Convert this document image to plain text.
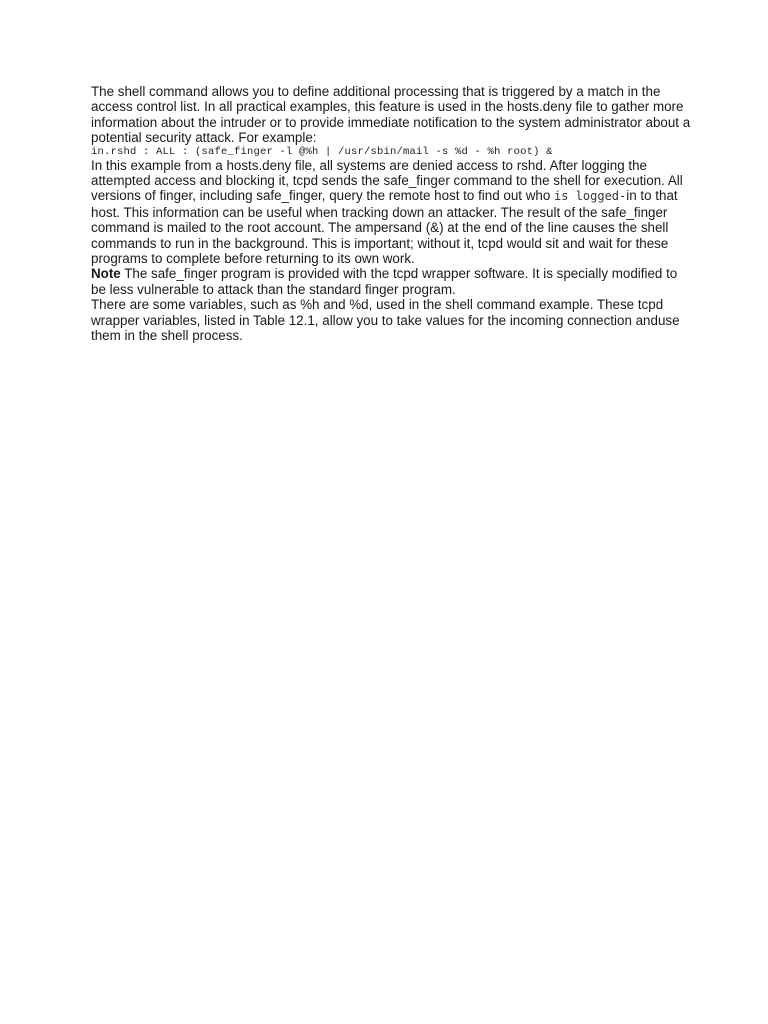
The shell command allows you to define additional processing that is triggered by a match in the access control list. In all practical examples, this feature is used in the hosts.deny file to gather more information about the intruder or to provide immediate notification to the system administrator about a potential security attack. For example:

in.rshd : ALL : (safe_finger -l @%h | /usr/sbin/mail -s %d - %h root) &

In this example from a hosts.deny file, all systems are denied access to rshd. After logging the attempted access and blocking it, tcpd sends the safe_finger command to the shell for execution. All versions of finger, including safe_finger, query the remote host to find out who is logged-in to that host. This information can be useful when tracking down an attacker. The result of the safe_finger command is mailed to the root account. The ampersand (&) at the end of the line causes the shell commands to run in the background. This is important; without it, tcpd would sit and wait for these programs to complete before returning to its own work.

Note The safe_finger program is provided with the tcpd wrapper software. It is specially modified to be less vulnerable to attack than the standard finger program.

There are some variables, such as %h and %d, used in the shell command example. These tcpd wrapper variables, listed in Table 12.1, allow you to take values for the incoming connection anduse them in the shell process.
